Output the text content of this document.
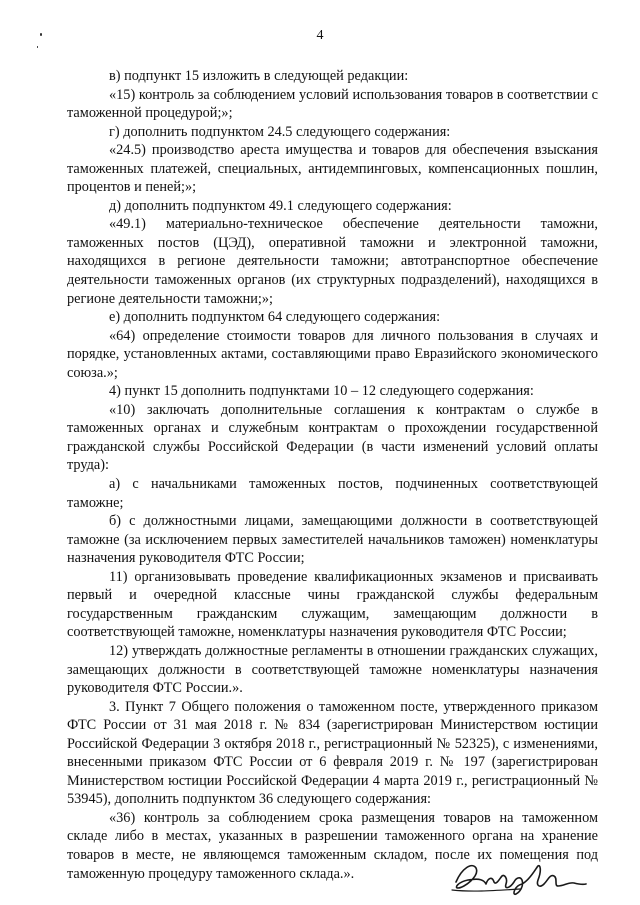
4

в) подпункт 15 изложить в следующей редакции:

«15) контроль за соблюдением условий использования товаров в соответствии с таможенной процедурой;»;

г) дополнить подпунктом 24.5 следующего содержания:

«24.5) производство ареста имущества и товаров для обеспечения взыскания таможенных платежей, специальных, антидемпинговых, компенсационных пошлин, процентов и пеней;»;

д) дополнить подпунктом 49.1 следующего содержания:

«49.1) материально-техническое обеспечение деятельности таможни, таможенных постов (ЦЭД), оперативной таможни и электронной таможни, находящихся в регионе деятельности таможни; автотранспортное обеспечение деятельности таможенных органов (их структурных подразделений), находящихся в регионе деятельности таможни;»;

е) дополнить подпунктом 64 следующего содержания:

«64) определение стоимости товаров для личного пользования в случаях и порядке, установленных актами, составляющими право Евразийского экономического союза.»;

4) пункт 15 дополнить подпунктами 10 – 12 следующего содержания:

«10) заключать дополнительные соглашения к контрактам о службе в таможенных органах и служебным контрактам о прохождении государственной гражданской службы Российской Федерации (в части изменений условий оплаты труда):

а) с начальниками таможенных постов, подчиненных соответствующей таможне;

б) с должностными лицами, замещающими должности в соответствующей таможне (за исключением первых заместителей начальников таможен) номенклатуры назначения руководителя ФТС России;

11) организовывать проведение квалификационных экзаменов и присваивать первый и очередной классные чины гражданской службы федеральным государственным гражданским служащим, замещающим должности в соответствующей таможне, номенклатуры назначения руководителя ФТС России;

12) утверждать должностные регламенты в отношении гражданских служащих, замещающих должности в соответствующей таможне номенклатуры назначения руководителя ФТС России.».

3. Пункт 7 Общего положения о таможенном посте, утвержденного приказом ФТС России от 31 мая 2018 г. № 834 (зарегистрирован Министерством юстиции Российской Федерации 3 октября 2018 г., регистрационный № 52325), с изменениями, внесенными приказом ФТС России от 6 февраля 2019 г. № 197 (зарегистрирован Министерством юстиции Российской Федерации 4 марта 2019 г., регистрационный № 53945), дополнить подпунктом 36 следующего содержания:

«36) контроль за соблюдением срока размещения товаров на таможенном складе либо в местах, указанных в разрешении таможенного органа на хранение товаров в месте, не являющемся таможенным складом, после их помещения под таможенную процедуру таможенного склада.».
